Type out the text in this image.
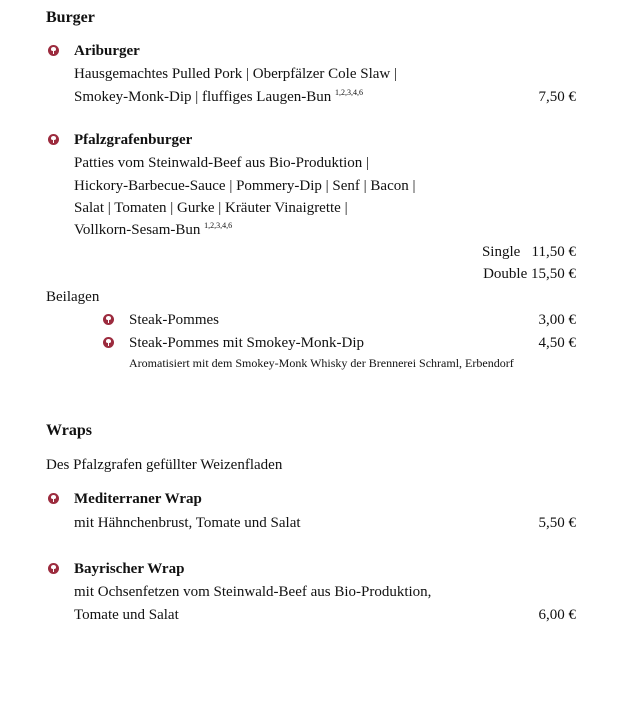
Burger
Ariburger
Hausgemachtes Pulled Pork | Oberpfälzer Cole Slaw |
Smokey-Monk-Dip | fluffiges Laugen-Bun $^{1,2,3,4,6}$	7,50 €
Pfalzgrafenburger
Patties vom Steinwald-Beef aus Bio-Produktion |
Hickory-Barbecue-Sauce | Pommery-Dip | Senf | Bacon |
Salat | Tomaten | Gurke | Kräuter Vinaigrette |
Vollkorn-Sesam-Bun $^{1,2,3,4,6}$
Single 11,50 €
Double 15,50 €
Beilagen
Steak-Pommes	3,00 €
Steak-Pommes mit Smokey-Monk-Dip	4,50 €
Aromatisiert mit dem Smokey-Monk Whisky der Brennerei Schraml, Erbendorf
Wraps
Des Pfalzgrafen gefüllter Weizenfladen
Mediterraner Wrap
mit Hähnchenbrust, Tomate und Salat	5,50 €
Bayrischer Wrap
mit Ochsenfetzen vom Steinwald-Beef aus Bio-Produktion,
Tomate und Salat	6,00 €
